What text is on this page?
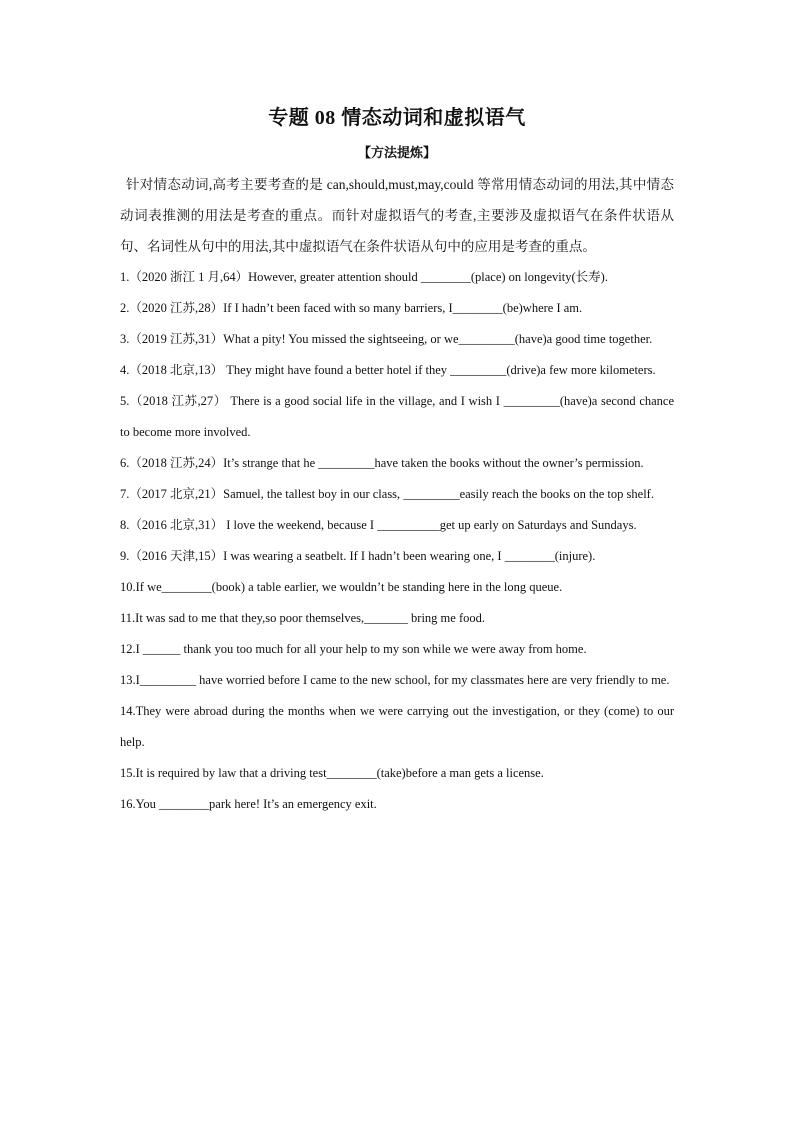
专题 08 情态动词和虚拟语气
【方法提炼】

针对情态动词,高考主要考查的是 can,should,must,may,could 等常用情态动词的用法,其中情态动词表推测的用法是考查的重点。而针对虚拟语气的考查,主要涉及虚拟语气在条件状语从句、名词性从句中的用法,其中虚拟语气在条件状语从句中的应用是考查的重点。

1.（2020 浙江 1 月,64）However, greater attention should ________(place) on longevity(长寿).
2.（2020 江苏,28）If I hadn’t been faced with so many barriers, I________(be)where I am.
3.（2019 江苏,31）What a pity! You missed the sightseeing, or we_________(have)a good time together.
4.（2018 北京,13） They might have found a better hotel if they _________(drive)a few more kilometers.
5.（2018 江苏,27） There is a good social life in the village, and I wish I _________(have)a second chance to become more involved.
6.（2018 江苏,24）It’s strange that he _________have taken the books without the owner’s permission.
7.（2017 北京,21）Samuel, the tallest boy in our class, _________easily reach the books on the top shelf.
8.（2016 北京,31） I love the weekend, because I __________get up early on Saturdays and Sundays.
9.（2016 天津,15）I was wearing a seatbelt. If I hadn’t been wearing one, I ________(injure).
10.If we________(book) a table earlier, we wouldn’t be standing here in the long queue.
11.It was sad to me that they,so poor themselves,_______ bring me food.
12.I ______ thank you too much for all your help to my son while we were away from home.
13.I_________ have worried before I came to the new school, for my classmates here are very friendly to me.
14.They were abroad during the months when we were carrying out the investigation, or they (come) to our help.
15.It is required by law that a driving test________(take)before a man gets a license.
16.You ________park here! It’s an emergency exit.
